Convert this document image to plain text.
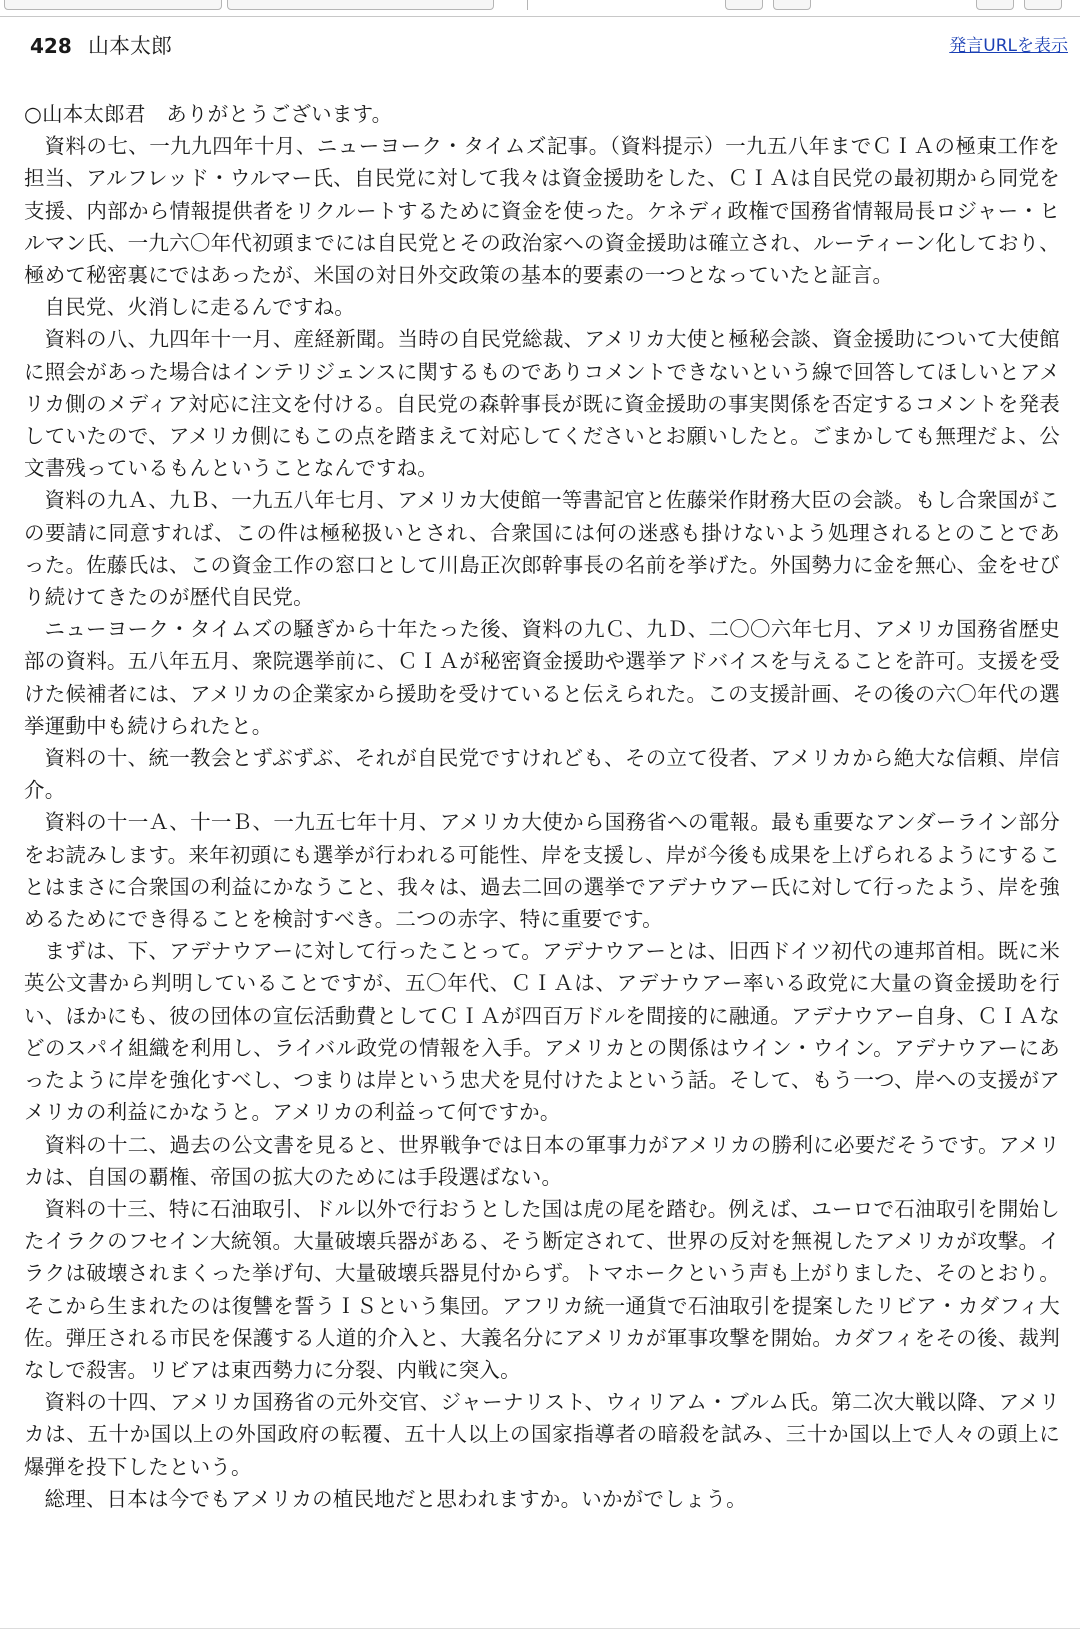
428 山本太郎	発言URLを表示

○山本太郎君　ありがとうございます。

資料の七、一九九四年十月、ニューヨーク・タイムズ記事。（資料提示）一九五八年までＣＩＡの極東工作を担当、アルフレッド・ウルマー氏、自民党に対して我々は資金援助をした、ＣＩＡは自民党の最初期から同党を支援、内部から情報提供者をリクルートするために資金を使った。ケネディ政権で国務省情報局長ロジャー・ヒルマン氏、一九六〇年代初頭までには自民党とその政治家への資金援助は確立され、ルーティーン化しており、極めて秘密裏にではあったが、米国の対日外交政策の基本的要素の一つとなっていたと証言。

自民党、火消しに走るんですね。

資料の八、九四年十一月、産経新聞。当時の自民党総裁、アメリカ大使と極秘会談、資金援助について大使館に照会があった場合はインテリジェンスに関するものでありコメントできないという線で回答してほしいとアメリカ側のメディア対応に注文を付ける。自民党の森幹事長が既に資金援助の事実関係を否定するコメントを発表していたので、アメリカ側にもこの点を踏まえて対応してくださいとお願いしたと。ごまかしても無理だよ、公文書残っているもんということなんですね。

資料の九Ａ、九Ｂ、一九五八年七月、アメリカ大使館一等書記官と佐藤栄作財務大臣の会談。もし合衆国がこの要請に同意すれば、この件は極秘扱いとされ、合衆国には何の迷惑も掛けないよう処理されるとのことであった。佐藤氏は、この資金工作の窓口として川島正次郎幹事長の名前を挙げた。外国勢力に金を無心、金をせびり続けてきたのが歴代自民党。

ニューヨーク・タイムズの騒ぎから十年たった後、資料の九Ｃ、九Ｄ、二〇〇六年七月、アメリカ国務省歴史部の資料。五八年五月、衆院選挙前に、ＣＩＡが秘密資金援助や選挙アドバイスを与えることを許可。支援を受けた候補者には、アメリカの企業家から援助を受けていると伝えられた。この支援計画、その後の六〇年代の選挙運動中も続けられたと。

資料の十、統一教会とずぶずぶ、それが自民党ですけれども、その立て役者、アメリカから絶大な信頼、岸信介。

資料の十一Ａ、十一Ｂ、一九五七年十月、アメリカ大使から国務省への電報。最も重要なアンダーライン部分をお読みします。来年初頭にも選挙が行われる可能性、岸を支援し、岸が今後も成果を上げられるようにすることはまさに合衆国の利益にかなうこと、我々は、過去二回の選挙でアデナウアー氏に対して行ったよう、岸を強めるためにでき得ることを検討すべき。二つの赤字、特に重要です。

まずは、下、アデナウアーに対して行ったことって。アデナウアーとは、旧西ドイツ初代の連邦首相。既に米英公文書から判明していることですが、五〇年代、ＣＩＡは、アデナウアー率いる政党に大量の資金援助を行い、ほかにも、彼の団体の宣伝活動費としてＣＩＡが四百万ドルを間接的に融通。アデナウアー自身、ＣＩＡなどのスパイ組織を利用し、ライバル政党の情報を入手。アメリカとの関係はウイン・ウイン。アデナウアーにあったように岸を強化すべし、つまりは岸という忠犬を見付けたよという話。そして、もう一つ、岸への支援がアメリカの利益にかなうと。アメリカの利益って何ですか。

資料の十二、過去の公文書を見ると、世界戦争では日本の軍事力がアメリカの勝利に必要だそうです。アメリカは、自国の覇権、帝国の拡大のためには手段選ばない。

資料の十三、特に石油取引、ドル以外で行おうとした国は虎の尾を踏む。例えば、ユーロで石油取引を開始したイラクのフセイン大統領。大量破壊兵器がある、そう断定されて、世界の反対を無視したアメリカが攻撃。イラクは破壊されまくった挙げ句、大量破壊兵器見付からず。トマホークという声も上がりました、そのとおり。そこから生まれたのは復讐を誓うＩＳという集団。アフリカ統一通貨で石油取引を提案したリビア・カダフィ大佐。弾圧される市民を保護する人道的介入と、大義名分にアメリカが軍事攻撃を開始。カダフィをその後、裁判なしで殺害。リビアは東西勢力に分裂、内戦に突入。

資料の十四、アメリカ国務省の元外交官、ジャーナリスト、ウィリアム・ブルム氏。第二次大戦以降、アメリカは、五十か国以上の外国政府の転覆、五十人以上の国家指導者の暗殺を試み、三十か国以上で人々の頭上に爆弾を投下したという。

総理、日本は今でもアメリカの植民地だと思われますか。いかがでしょう。
